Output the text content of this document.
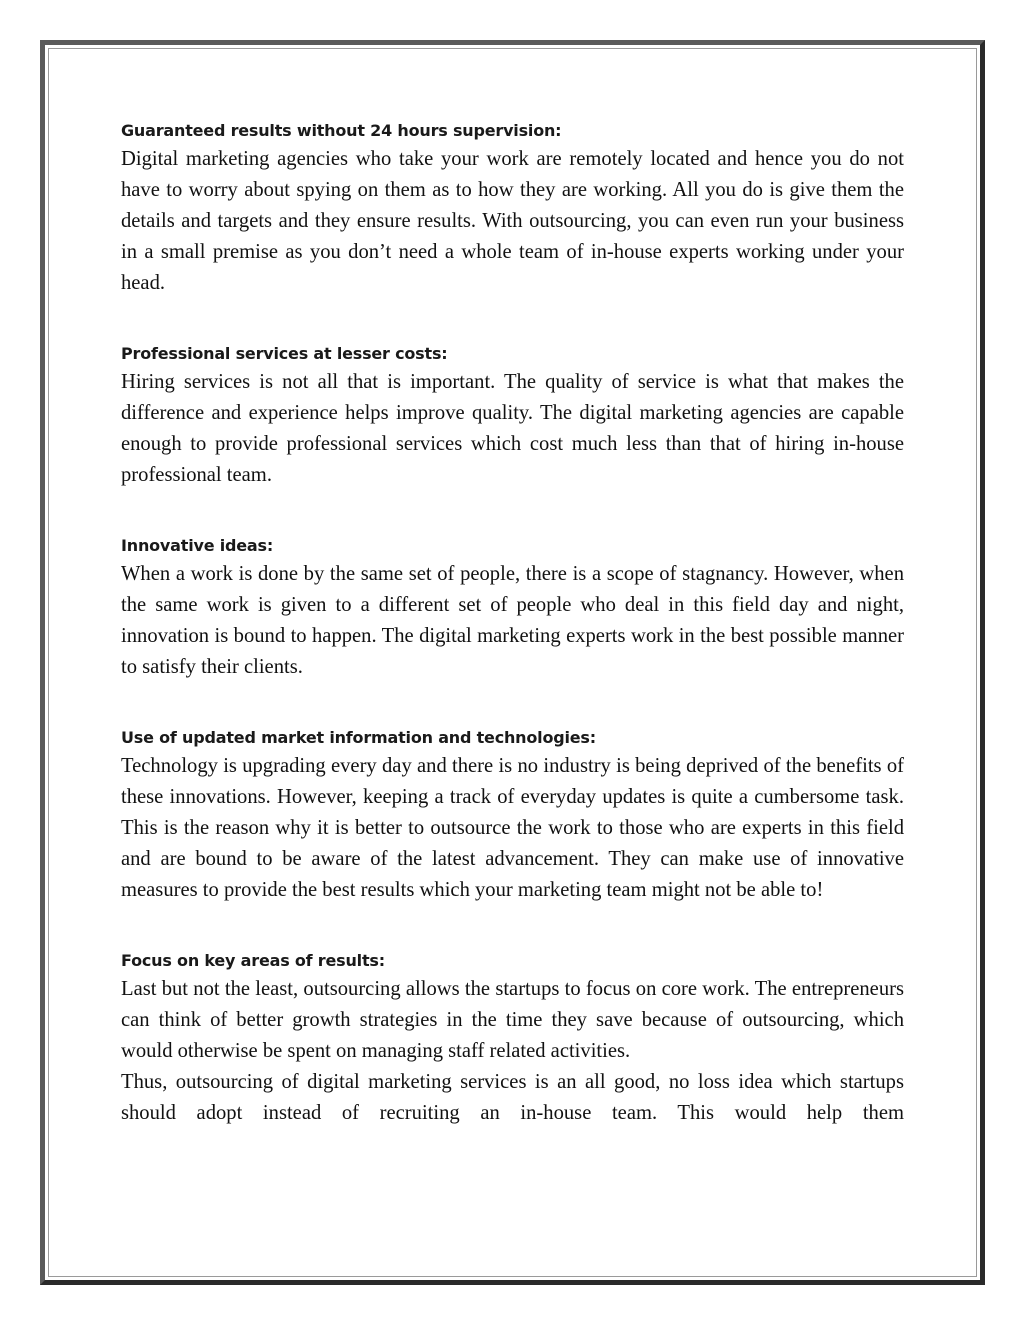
Guaranteed results without 24 hours supervision:

Digital marketing agencies who take your work are remotely located and hence you do not have to worry about spying on them as to how they are working. All you do is give them the details and targets and they ensure results. With outsourcing, you can even run your business in a small premise as you don’t need a whole team of in-house experts working under your head.

Professional services at lesser costs:

Hiring services is not all that is important. The quality of service is what that makes the difference and experience helps improve quality. The digital marketing agencies are capable enough to provide professional services which cost much less than that of hiring in-house professional team.

Innovative ideas:

When a work is done by the same set of people, there is a scope of stagnancy. However, when the same work is given to a different set of people who deal in this field day and night, innovation is bound to happen. The digital marketing experts work in the best possible manner to satisfy their clients.

Use of updated market information and technologies:

Technology is upgrading every day and there is no industry is being deprived of the benefits of these innovations. However, keeping a track of everyday updates is quite a cumbersome task. This is the reason why it is better to outsource the work to those who are experts in this field and are bound to be aware of the latest advancement. They can make use of innovative measures to provide the best results which your marketing team might not be able to!

Focus on key areas of results:

Last but not the least, outsourcing allows the startups to focus on core work. The entrepreneurs can think of better growth strategies in the time they save because of outsourcing, which would otherwise be spent on managing staff related activities.

Thus, outsourcing of digital marketing services is an all good, no loss idea which startups should adopt instead of recruiting an in-house team. This would help them
